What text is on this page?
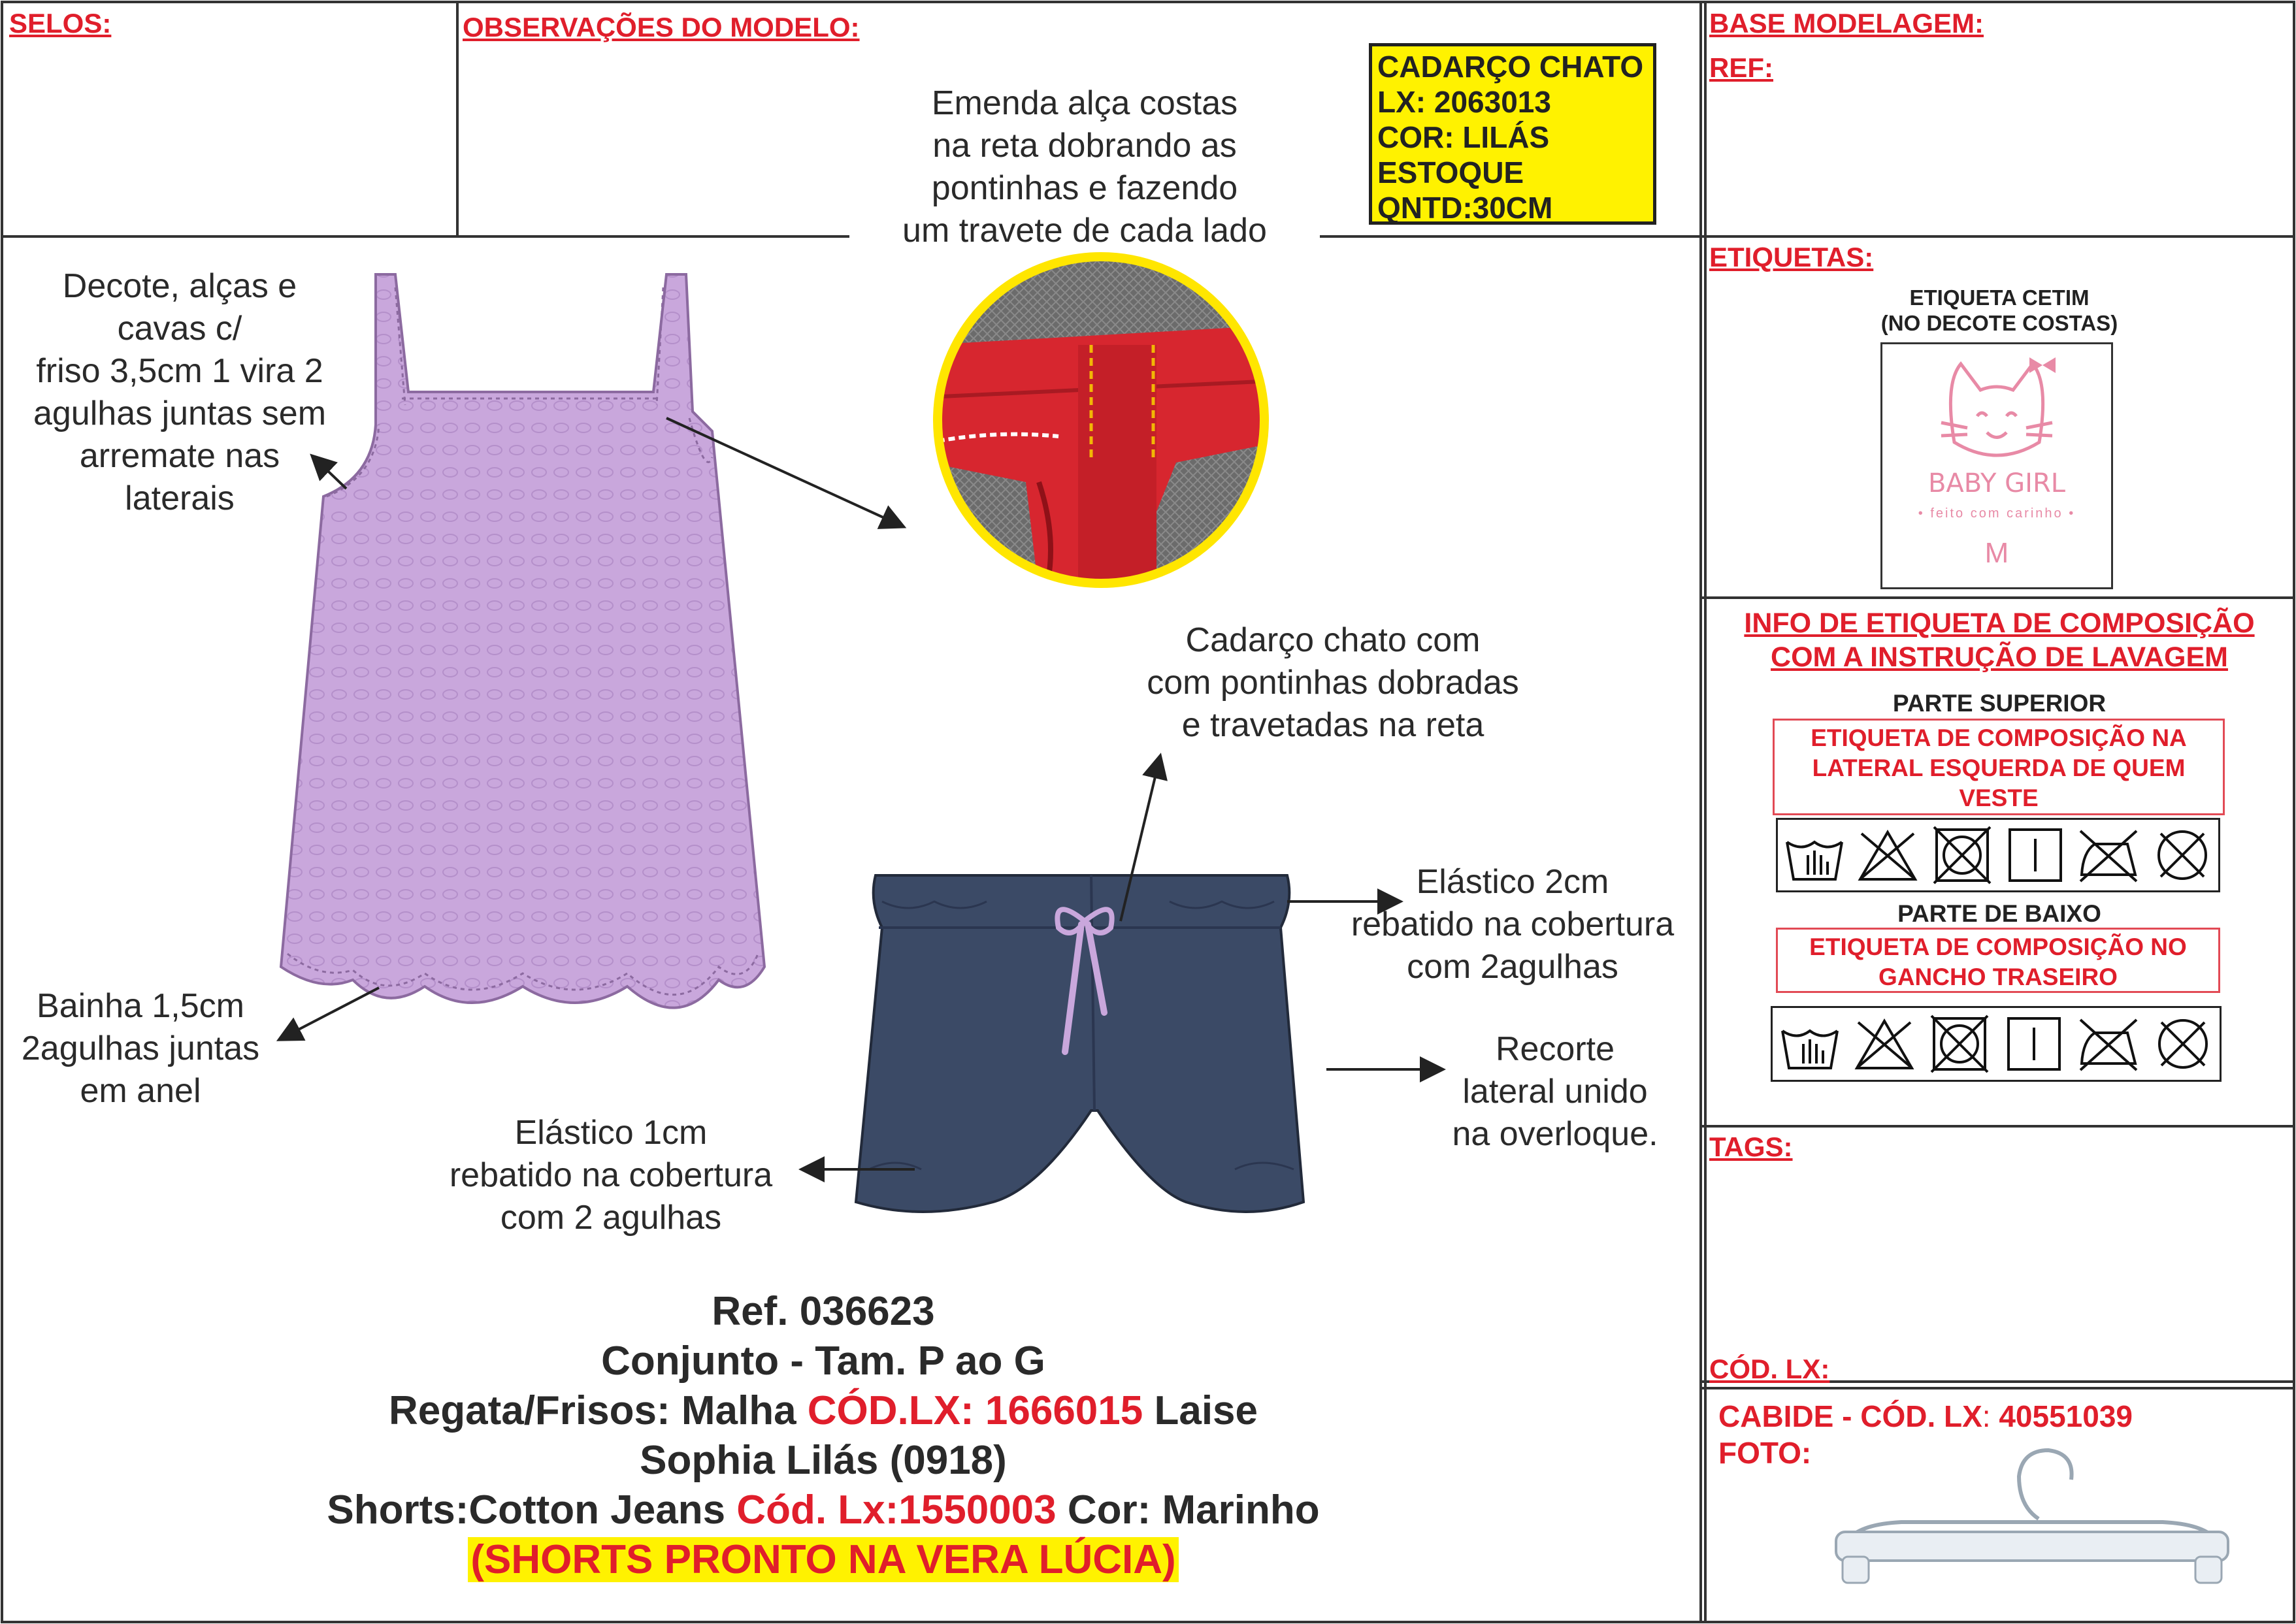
SELOS:	OBSERVAÇÕES DO MODELO:	BASE MODELAGEM:
REF:
CADARÇO CHATO
LX: 2063013
COR: LILÁS
ESTOQUE
QNTD:30CM
Emenda alça costas
na reta dobrando as
pontinhas e fazendo
um travete de cada lado
Decote, alças e
cavas c/
friso 3,5cm 1 vira 2
agulhas juntas sem
arremate nas
laterais
Cadarço chato com
com pontinhas dobradas
e travetadas na reta
Elástico 2cm
rebatido na cobertura
com 2agulhas
Bainha 1,5cm
2agulhas juntas
em anel
Recorte
lateral unido
na overloque.
Elástico 1cm
rebatido na cobertura
com 2 agulhas
ETIQUETAS:
ETIQUETA CETIM
(NO DECOTE COSTAS)
BABY GIRL
• feito com carinho •
M
INFO DE ETIQUETA DE COMPOSIÇÃO
COM A INSTRUÇÃO DE LAVAGEM
PARTE SUPERIOR
ETIQUETA DE COMPOSIÇÃO NA
LATERAL ESQUERDA DE QUEM
VESTE
PARTE DE BAIXO
ETIQUETA DE COMPOSIÇÃO NO
GANCHO TRASEIRO
TAGS:
CÓD. LX:
CABIDE - CÓD. LX: 40551039
FOTO:
Ref. 036623
Conjunto - Tam. P ao G
Regata/Frisos: Malha CÓD.LX: 1666015 Laise
Sophia Lilás (0918)
Shorts:Cotton Jeans Cód. Lx:1550003 Cor: Marinho
(SHORTS PRONTO NA VERA LÚCIA)
